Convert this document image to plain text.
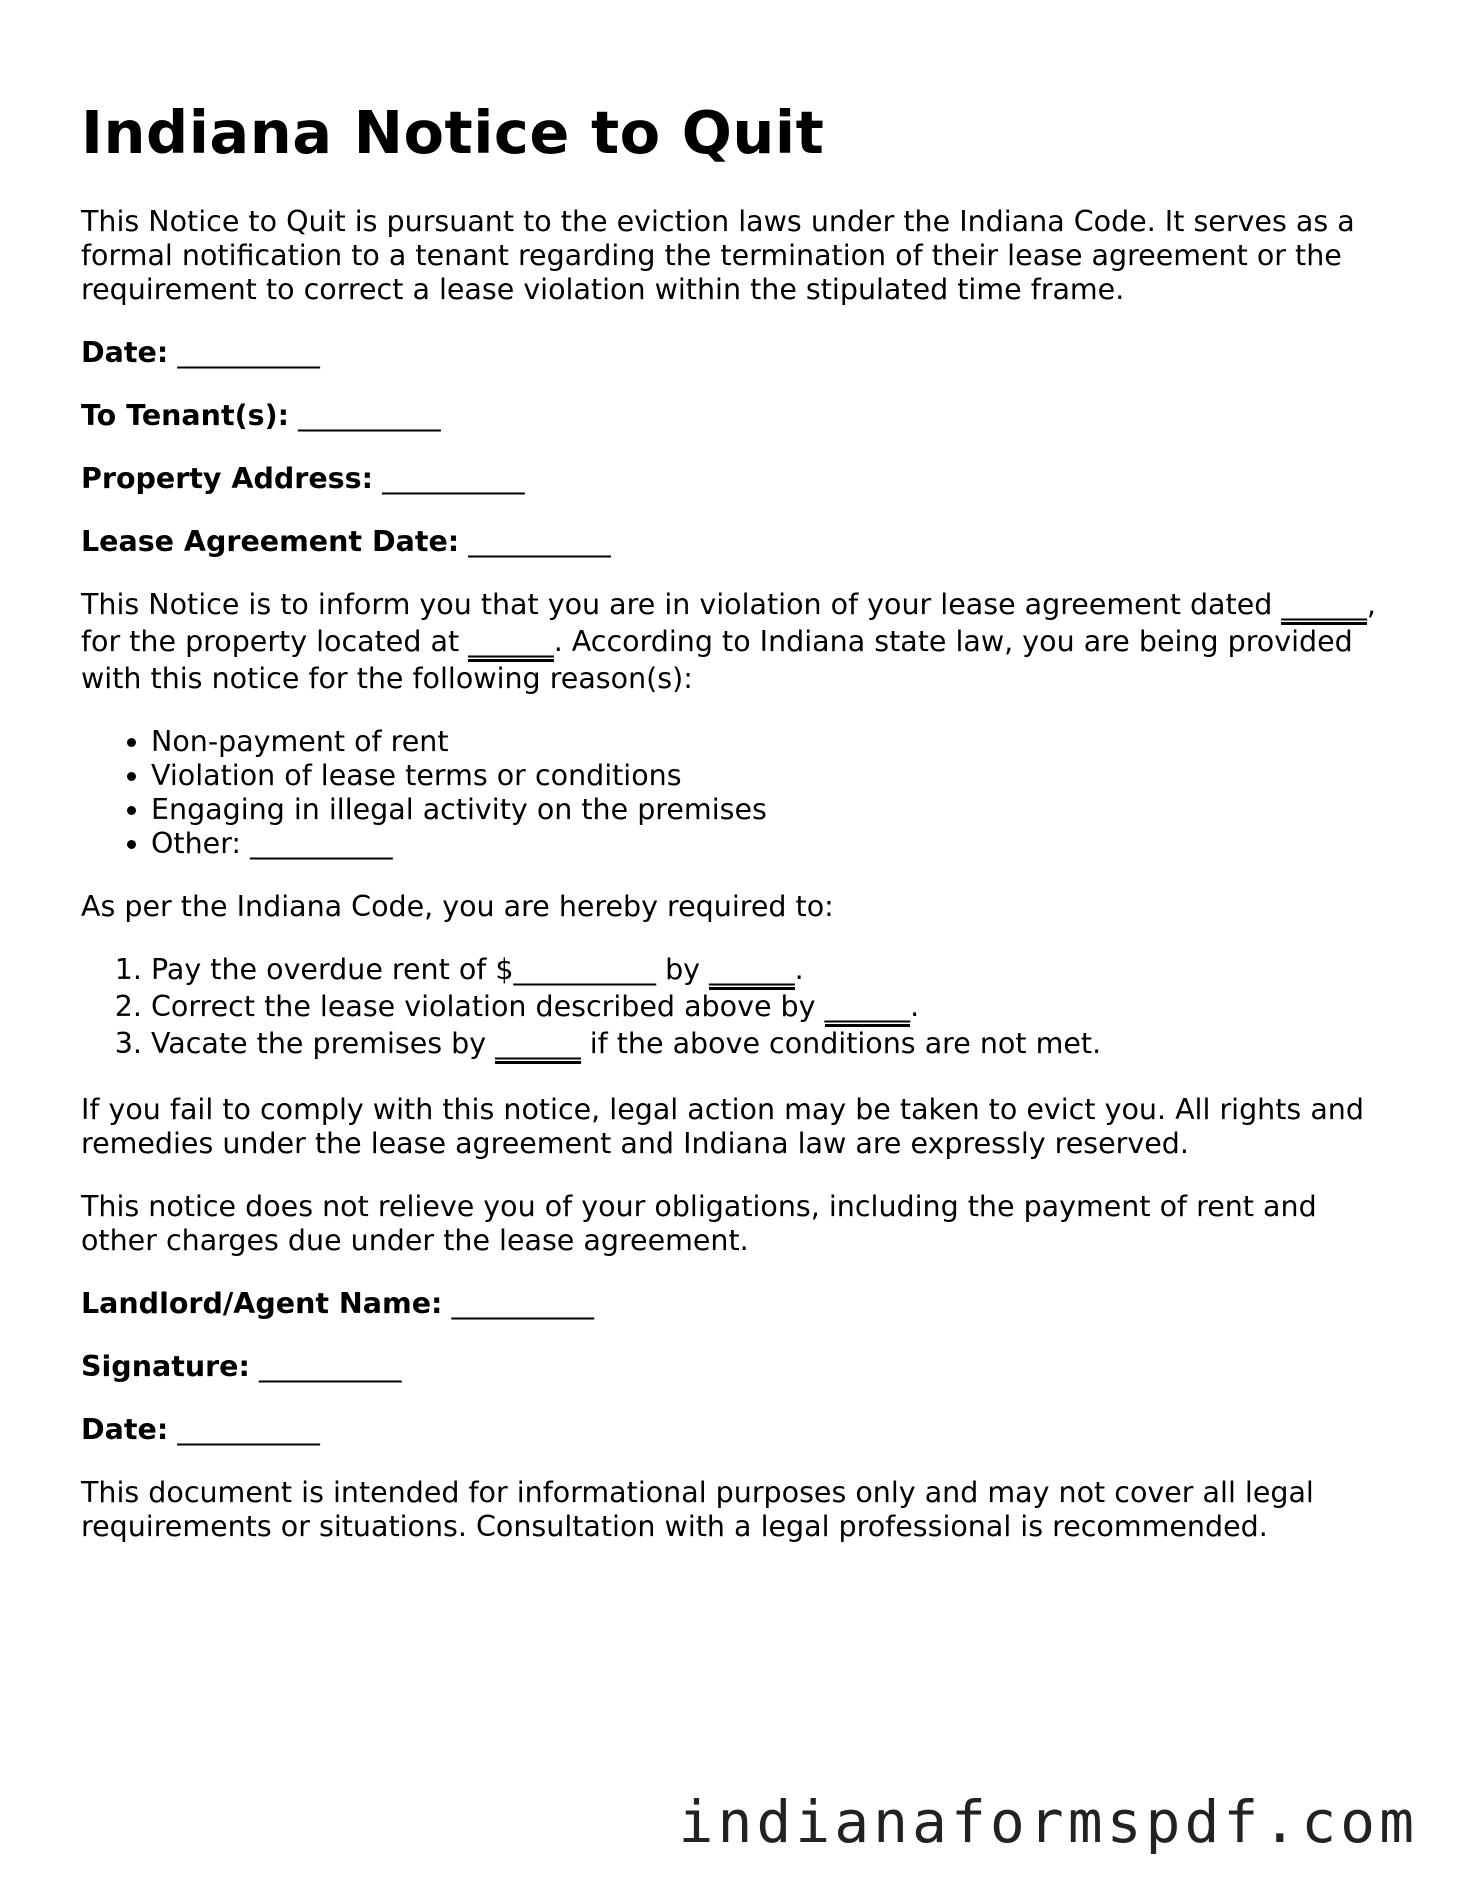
Indiana Notice to Quit

This Notice to Quit is pursuant to the eviction laws under the Indiana Code. It serves as a formal notification to a tenant regarding the termination of their lease agreement or the requirement to correct a lease violation within the stipulated time frame.

Date: __________

To Tenant(s): __________

Property Address: __________

Lease Agreement Date: __________

This Notice is to inform you that you are in violation of your lease agreement dated ______, for the property located at ______. According to Indiana state law, you are being provided with this notice for the following reason(s):

• Non-payment of rent
• Violation of lease terms or conditions
• Engaging in illegal activity on the premises
• Other: __________

As per the Indiana Code, you are hereby required to:

1. Pay the overdue rent of $__________ by ______.
2. Correct the lease violation described above by ______.
3. Vacate the premises by ______ if the above conditions are not met.

If you fail to comply with this notice, legal action may be taken to evict you. All rights and remedies under the lease agreement and Indiana law are expressly reserved.

This notice does not relieve you of your obligations, including the payment of rent and other charges due under the lease agreement.

Landlord/Agent Name: __________

Signature: __________

Date: __________

This document is intended for informational purposes only and may not cover all legal requirements or situations. Consultation with a legal professional is recommended.

indianaformspdf.com
